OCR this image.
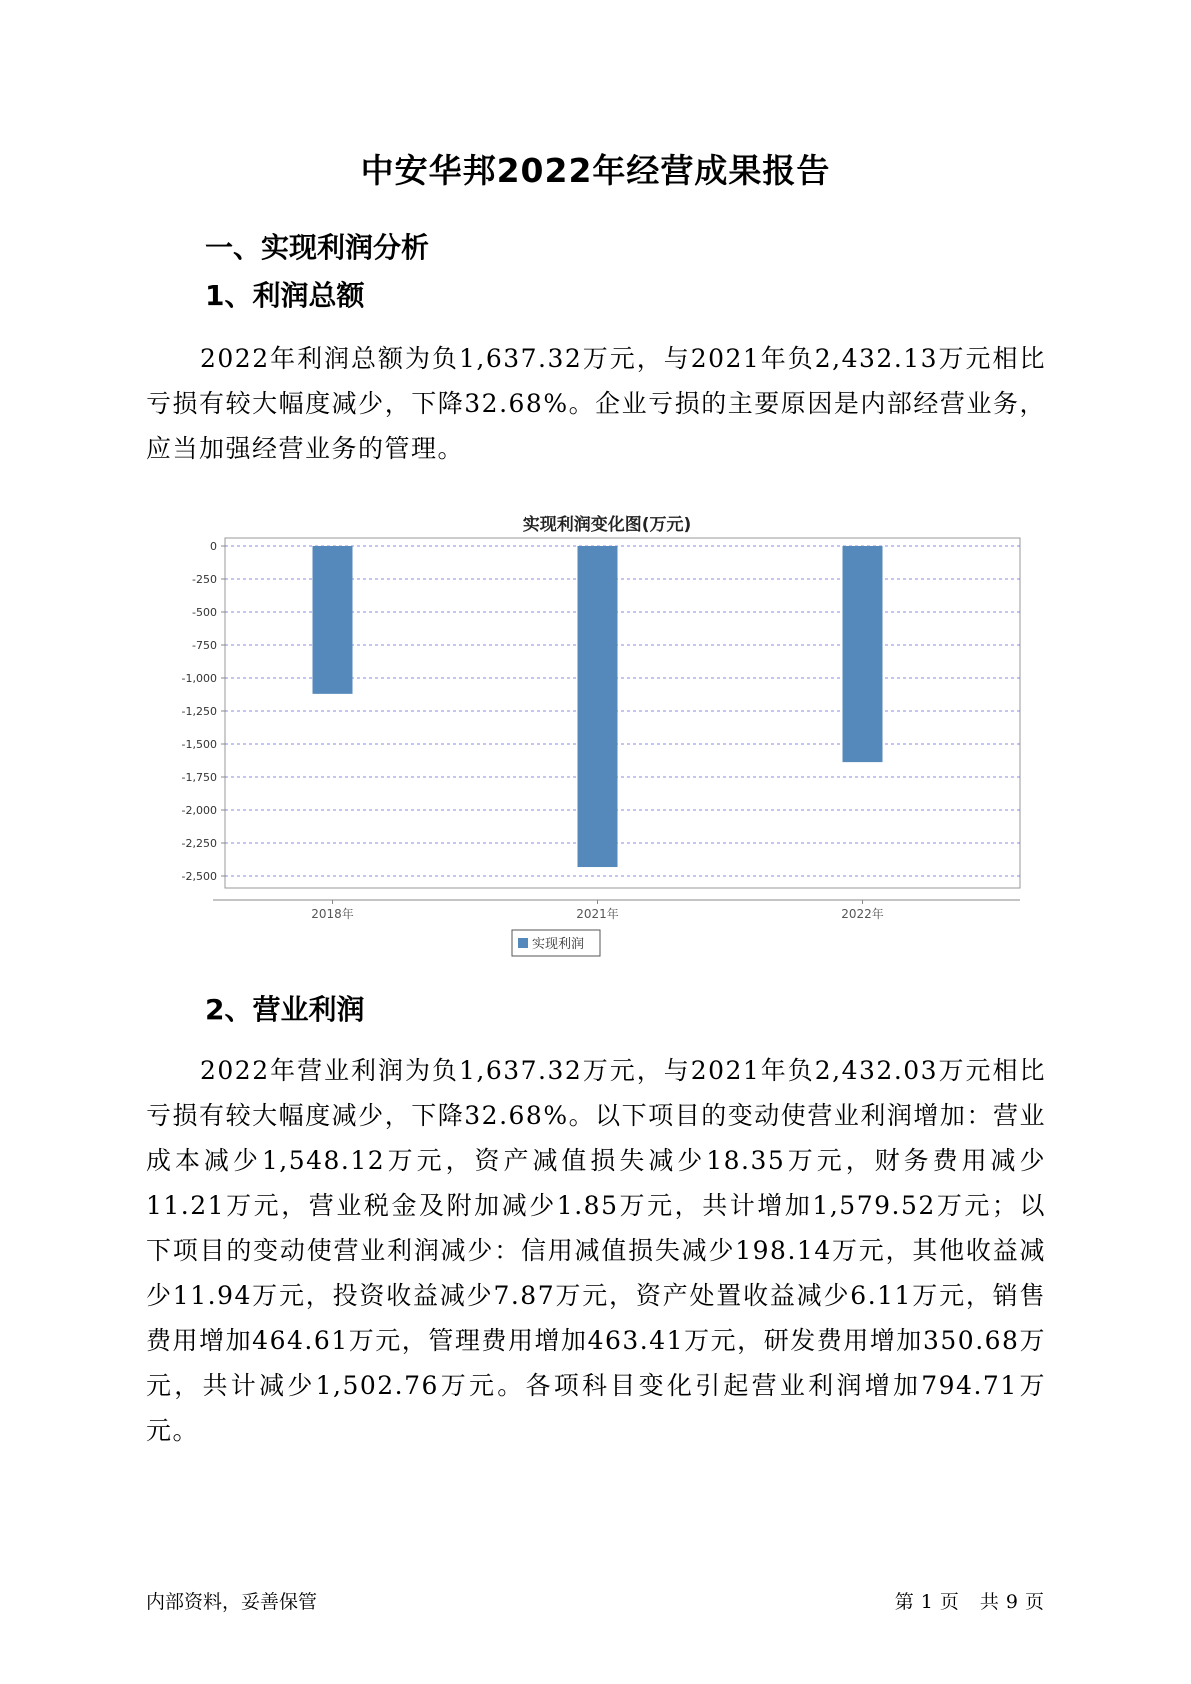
中安华邦2022年经营成果报告
一、实现利润分析
1、利润总额

2022年利润总额为负1,637.32万元，与2021年负2,432.13万元相比亏损有较大幅度减少，下降32.68%。企业亏损的主要原因是内部经营业务，应当加强经营业务的管理。

实现利润变化图(万元)
0
-250
-500
-750
-1,000
-1,250
-1,500
-1,750
-2,000
-2,250
-2,500
2018年	2021年	2022年
实现利润
2、营业利润

2022年营业利润为负1,637.32万元，与2021年负2,432.03万元相比亏损有较大幅度减少，下降32.68%。以下项目的变动使营业利润增加：营业成本减少1,548.12万元，资产减值损失减少18.35万元，财务费用减少11.21万元，营业税金及附加减少1.85万元，共计增加1,579.52万元；以下项目的变动使营业利润减少：信用减值损失减少198.14万元，其他收益减少11.94万元，投资收益减少7.87万元，资产处置收益减少6.11万元，销售费用增加464.61万元，管理费用增加463.41万元，研发费用增加350.68万元，共计减少1,502.76万元。各项科目变化引起营业利润增加794.71万元。

内部资料，妥善保管	第 1 页　共 9 页
